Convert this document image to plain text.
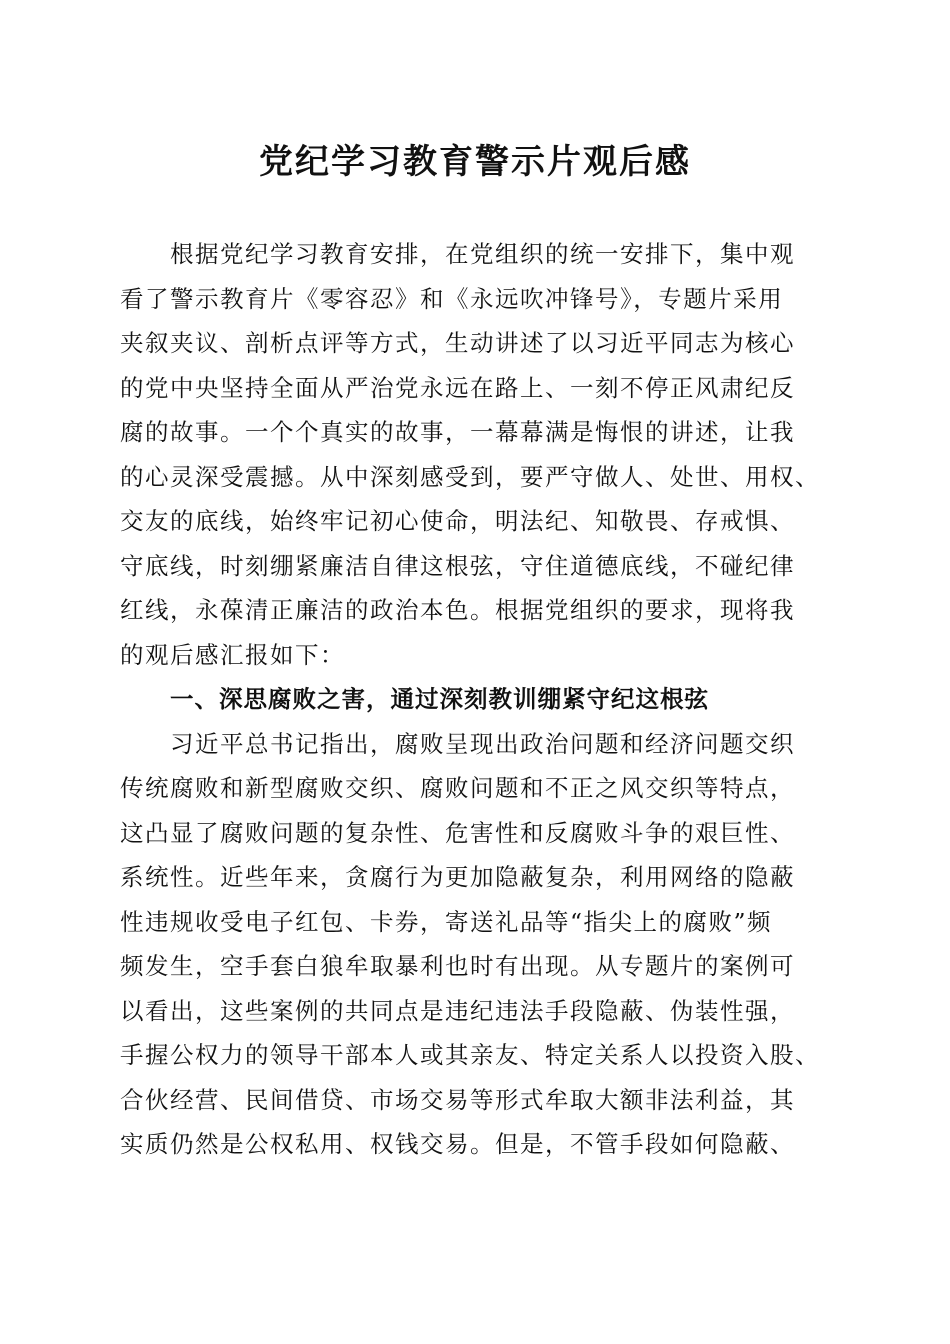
党纪学习教育警示片观后感
根据党纪学习教育安排，在党组织的统一安排下，集中观
看了警示教育片《零容忍》和《永远吹冲锋号》，专题片采用
夹叙夹议、剖析点评等方式，生动讲述了以习近平同志为核心
的党中央坚持全面从严治党永远在路上、一刻不停正风肃纪反
腐的故事。一个个真实的故事，一幕幕满是悔恨的讲述，让我
的心灵深受震撼。从中深刻感受到，要严守做人、处世、用权、
交友的底线，始终牢记初心使命，明法纪、知敬畏、存戒惧、
守底线，时刻绷紧廉洁自律这根弦，守住道德底线，不碰纪律
红线，永葆清正廉洁的政治本色。根据党组织的要求，现将我
的观后感汇报如下：
一、深思腐败之害，通过深刻教训绷紧守纪这根弦
习近平总书记指出，腐败呈现出政治问题和经济问题交织
传统腐败和新型腐败交织、腐败问题和不正之风交织等特点，
这凸显了腐败问题的复杂性、危害性和反腐败斗争的艰巨性、
系统性。近些年来，贪腐行为更加隐蔽复杂，利用网络的隐蔽
性违规收受电子红包、卡券，寄送礼品等“指尖上的腐败”频
频发生，空手套白狼牟取暴利也时有出现。从专题片的案例可
以看出，这些案例的共同点是违纪违法手段隐蔽、伪装性强，
手握公权力的领导干部本人或其亲友、特定关系人以投资入股、
合伙经营、民间借贷、市场交易等形式牟取大额非法利益，其
实质仍然是公权私用、权钱交易。但是，不管手段如何隐蔽、
